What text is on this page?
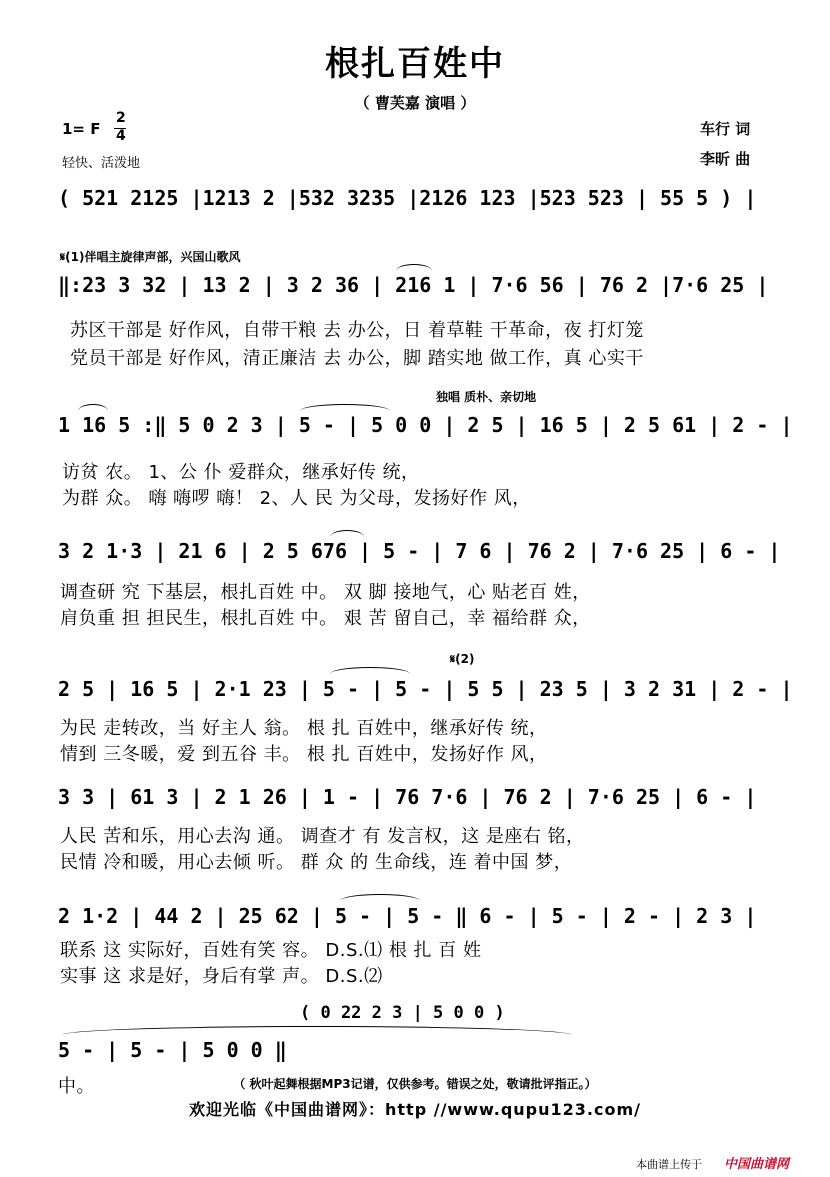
根扎百姓中
（ 曹芙嘉 演唱 ）
1= F
2
4
轻快、活泼地
车行 词
李昕 曲
( 521 2125 |1213 2 |532 3235 |2126 123 |523 523 | 55 5 ) |
𝄋(1)伴唱主旋律声部，兴国山歌风
‖:23 3 32 | 13 2 | 3 2 36 | 216 1 | 7·6 56 | 76 2 |7·6 25 |
苏区干部是 好作风，自带干粮 去 办公，日 着草鞋 干革命，夜 打灯笼
党员干部是 好作风，清正廉洁 去 办公，脚 踏实地 做工作，真 心实干
独唱 质朴、亲切地
1 16 5 :‖ 5 0 2 3 | 5 - | 5 0 0 | 2 5 | 16 5 | 2 5 61 | 2 - |
访贫 农。 1、公 仆 爱群众，继承好传 统，
为群 众。 嗨 嗨啰 嗨！ 2、人 民 为父母，发扬好作 风，
3 2 1·3 | 21 6 | 2 5 676 | 5 - | 7 6 | 76 2 | 7·6 25 | 6 - |
调查研 究 下基层，根扎百姓 中。 双 脚 接地气，心 贴老百 姓，
肩负重 担 担民生，根扎百姓 中。 艰 苦 留自己，幸 福给群 众，
𝄋(2)
2 5 | 16 5 | 2·1 23 | 5 - | 5 - | 5 5 | 23 5 | 3 2 31 | 2 - |
为民 走转改，当 好主人 翁。 根 扎 百姓中，继承好传 统，
情到 三冬暖，爱 到五谷 丰。 根 扎 百姓中，发扬好作 风，
3 3 | 61 3 | 2 1 26 | 1 - | 76 7·6 | 76 2 | 7·6 25 | 6 - |
人民 苦和乐，用心去沟 通。 调查才 有 发言权，这 是座右 铭，
民情 冷和暖，用心去倾 听。 群 众 的 生命线，连 着中国 梦，
2 1·2 | 44 2 | 25 62 | 5 - | 5 - ‖ 6 - | 5 - | 2 - | 2 3 |
联系 这 实际好，百姓有笑 容。 D.S.⑴ 根 扎 百 姓
实事 这 求是好，身后有掌 声。 D.S.⑵
( 0 22 2 3 | 5 0 0 )
5 - | 5 - | 5 0 0 ‖
中。	（ 秋叶起舞根据MP3记谱，仅供参考。错误之处，敬请批评指正。）
欢迎光临《中国曲谱网》：http //www.qupu123.com/
本曲谱上传于 中国曲谱网
